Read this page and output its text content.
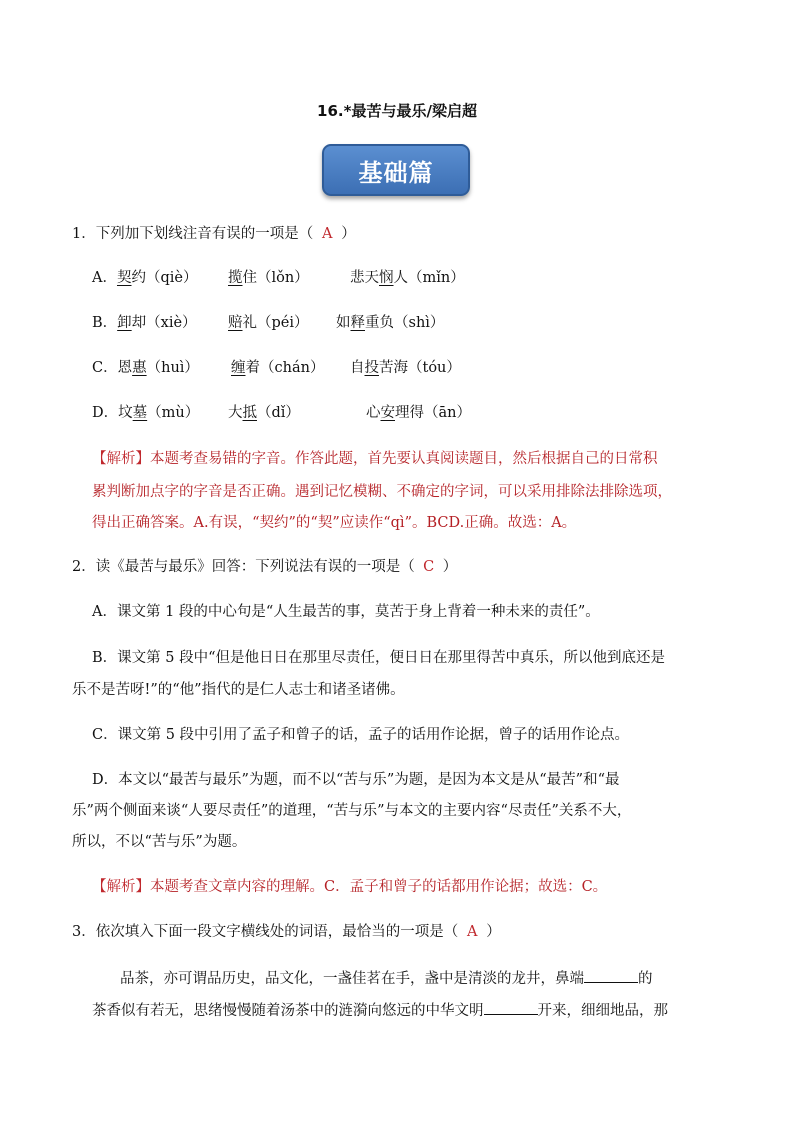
16.*最苦与最乐/梁启超
基础篇
1．下列加下划线注音有误的一项是（ A ）
A．契约（qiè） 揽住（lǒn）	悲天悯人（mǐn）
B．卸却（xiè） 赔礼（péi） 如释重负（shì）
C．恩惠（huì） 缠着（chán） 自投苦海（tóu）
D．坟墓（mù） 大抵（dǐ）	心安理得（ān）
【解析】本题考查易错的字音。作答此题，首先要认真阅读题目，然后根据自己的日常积
累判断加点字的字音是否正确。遇到记忆模糊、不确定的字词，可以采用排除法排除选项，
得出正确答案。A.有误，“契约”的“契”应读作“qì”。BCD.正确。故选：A。
2．读《最苦与最乐》回答：下列说法有误的一项是（ C ）
A．课文第 1 段的中心句是“人生最苦的事，莫苦于身上背着一种未来的责任”。
B．课文第 5 段中“但是他日日在那里尽责任，便日日在那里得苦中真乐，所以他到底还是
乐不是苦呀!”的“他”指代的是仁人志士和诸圣诸佛。
C．课文第 5 段中引用了孟子和曾子的话，孟子的话用作论据，曾子的话用作论点。
D．本文以“最苦与最乐”为题，而不以“苦与乐”为题，是因为本文是从“最苦”和“最
乐”两个侧面来谈“人要尽责任”的道理，“苦与乐”与本文的主要内容“尽责任”关系不大，
所以，不以“苦与乐”为题。
【解析】本题考查文章内容的理解。C．孟子和曾子的话都用作论据；故选：C。
3．依次填入下面一段文字横线处的词语，最恰当的一项是（ A ）
品茶，亦可谓品历史，品文化，一盏佳茗在手，盏中是清淡的龙井，鼻端	的
茶香似有若无，思绪慢慢随着汤茶中的涟漪向悠远的中华文明	开来，细细地品，那
